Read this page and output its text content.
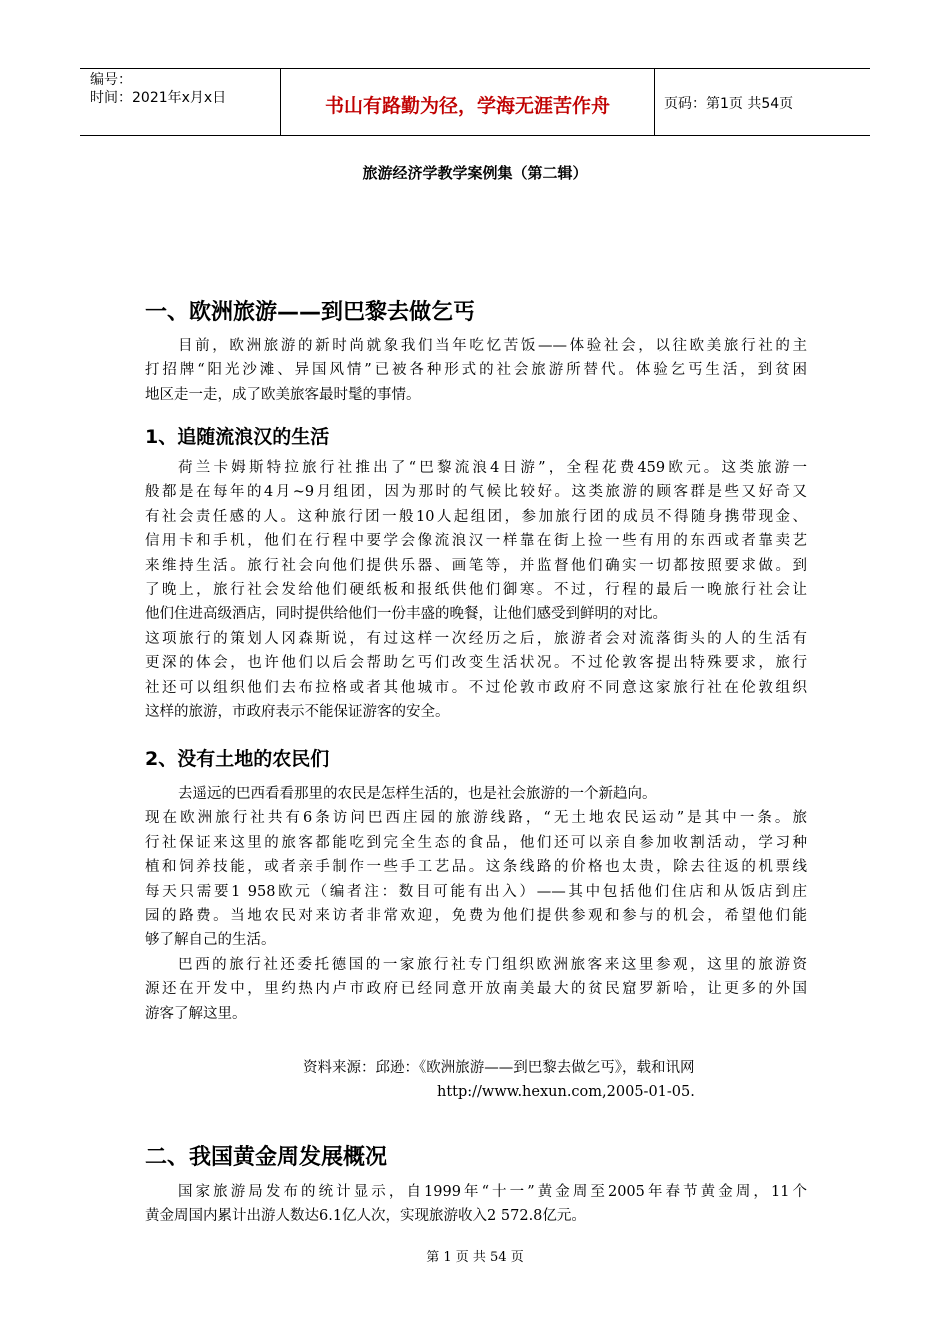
编号：
时间：2021年x月x日	书山有路勤为径，学海无涯苦作舟	页码：第1页 共54页
旅游经济学教学案例集（第二辑）
一、欧洲旅游——到巴黎去做乞丐
目前，欧洲旅游的新时尚就象我们当年吃忆苦饭——体验社会，以往欧美旅行社的主
打招牌“阳光沙滩、异国风情”已被各种形式的社会旅游所替代。体验乞丐生活，到贫困
地区走一走，成了欧美旅客最时髦的事情。
1、追随流浪汉的生活
荷兰卡姆斯特拉旅行社推出了“巴黎流浪4日游”，全程花费459欧元。这类旅游一
般都是在每年的4月~9月组团，因为那时的气候比较好。这类旅游的顾客群是些又好奇又
有社会责任感的人。这种旅行团一般10人起组团，参加旅行团的成员不得随身携带现金、
信用卡和手机，他们在行程中要学会像流浪汉一样靠在街上捡一些有用的东西或者靠卖艺
来维持生活。旅行社会向他们提供乐器、画笔等，并监督他们确实一切都按照要求做。到
了晚上，旅行社会发给他们硬纸板和报纸供他们御寒。不过，行程的最后一晚旅行社会让
他们住进高级酒店，同时提供给他们一份丰盛的晚餐，让他们感受到鲜明的对比。
这项旅行的策划人冈森斯说，有过这样一次经历之后，旅游者会对流落街头的人的生活有
更深的体会，也许他们以后会帮助乞丐们改变生活状况。不过伦敦客提出特殊要求，旅行
社还可以组织他们去布拉格或者其他城市。不过伦敦市政府不同意这家旅行社在伦敦组织
这样的旅游，市政府表示不能保证游客的安全。
2、没有土地的农民们
去遥远的巴西看看那里的农民是怎样生活的，也是社会旅游的一个新趋向。
现在欧洲旅行社共有6条访问巴西庄园的旅游线路，“无土地农民运动”是其中一条。旅
行社保证来这里的旅客都能吃到完全生态的食品，他们还可以亲自参加收割活动，学习种
植和饲养技能，或者亲手制作一些手工艺品。这条线路的价格也太贵，除去往返的机票线
每天只需要1 958欧元（编者注：数目可能有出入）——其中包括他们住店和从饭店到庄
园的路费。当地农民对来访者非常欢迎，免费为他们提供参观和参与的机会，希望他们能
够了解自己的生活。
巴西的旅行社还委托德国的一家旅行社专门组织欧洲旅客来这里参观，这里的旅游资
源还在开发中，里约热内卢市政府已经同意开放南美最大的贫民窟罗新哈，让更多的外国
游客了解这里。
资料来源：邱逊：《欧洲旅游——到巴黎去做乞丐》，载和讯网
http://www.hexun.com,2005-01-05.
二、我国黄金周发展概况
国家旅游局发布的统计显示，自1999年“十一”黄金周至2005年春节黄金周，11个
黄金周国内累计出游人数达6.1亿人次，实现旅游收入2 572.8亿元。
第 1 页 共 54 页
